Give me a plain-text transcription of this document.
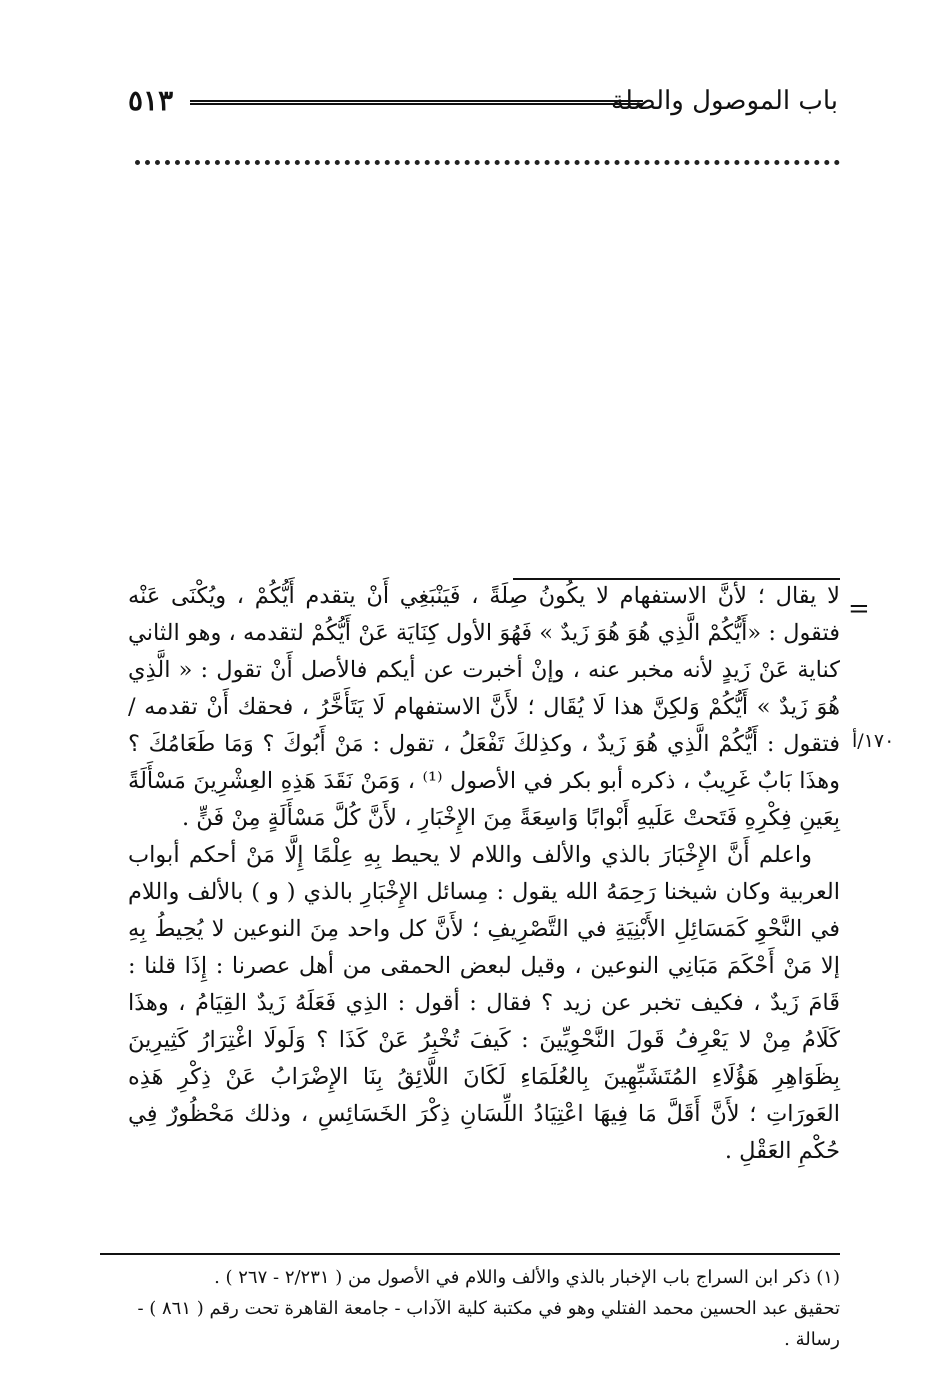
باب الموصول والصلة
٥١٣
=
١٧٠/أ

لا يقال ؛ لأنَّ الاستفهام لا يكُونُ صِلَةً ، فَيَنْبَغِي أَنْ يتقدم أَيُّكُمْ ، ويُكْنَى عَنْه فتقول : «أَيُّكُمْ الَّذِي هُوَ هُوَ زَيدٌ » فَهُوَ الأول كِنَايَة عَنْ أَيُّكُمْ لتقدمه ، وهو الثاني كناية عَنْ زَيدٍ لأنه مخبر عنه ، وإنْ أخبرت عن أيكم فالأصل أَنْ تقول : « الَّذِي هُوَ زَيدٌ » أَيُّكُمْ وَلكِنَّ هذا لَا يُقَال ؛ لأَنَّ الاستفهام لَا يَتَأَخَّرُ ، فحقك أَنْ تقدمه / فتقول : أَيُّكُمْ الَّذِي هُوَ زَيدٌ ، وكذِلكَ تَفْعَلُ ، تقول : مَنْ أَبُوكَ ؟ وَمَا طَعَامُكَ ؟ وهذَا بَابٌ غَرِيبٌ ، ذكره أبو بكر في الأصول ⁽¹⁾ ، وَمَنْ نَقَدَ هَذِهِ العِشْرِينَ مَسْأَلَةً بِعَينِ فِكْرِهِ فَتَحتْ عَلَيهِ أَبْوابًا وَاسِعَةً مِنَ الإِخْبَارِ ، لأَنَّ كُلَّ مَسْأَلَةٍ مِنْ فَنٍّ .

واعلم أَنَّ الإِخْبَارَ بالذي والألف واللام لا يحيط بِهِ عِلْمًا إِلَّا مَنْ أحكم أبواب العربية وكان شيخنا رَحِمَهُ الله يقول : مِسائل الإِخْبَارِ بالذي ( و ) بالألف واللام في النَّحْوِ كَمَسَائِلِ الأَبْنِيَةِ في التَّصْرِيفِ ؛ لأَنَّ كل واحد مِنَ النوعين لا يُحِيطُ بِهِ إلا مَنْ أَحْكَمَ مَبَانِي النوعين ، وقيل لبعض الحمقى من أهل عصرنا : إِذَا قلنا : قَامَ زَيدٌ ، فكيف تخبر عن زيد ؟ فقال : أقول : الذِي فَعَلَهُ زَيدٌ القِيَامُ ، وهذَا كَلَامُ مِنْ لا يَعْرِفُ قَولَ النَّحْوِيِّينَ : كَيفَ تُخْبِرُ عَنْ كَذَا ؟ وَلَولَا اغْتِرَارُ كَثِيرِينَ بِظَوَاهِرِ هَؤُلَاءِ المُتَشَبِّهِينَ بِالعُلَمَاءِ لَكَانَ اللَّائِقُ بِنَا الإِضْرَابُ عَنْ ذِكْرِ هَذِه العَورَاتِ ؛ لأَنَّ أَقَلَّ مَا فِيهَا اعْتِيَادُ اللِّسَانِ ذِكْرَ الخَسَائِسِ ، وذلك مَحْظُورٌ فِي حُكْمِ العَقْلِ .

(١) ذكر ابن السراج باب الإخبار بالذي والألف واللام في الأصول من ( ٢/٢٣١ - ٢٦٧ ) .

تحقيق عبد الحسين محمد الفتلي وهو في مكتبة كلية الآداب - جامعة القاهرة تحت رقم ( ٨٦١ ) - رسالة .
